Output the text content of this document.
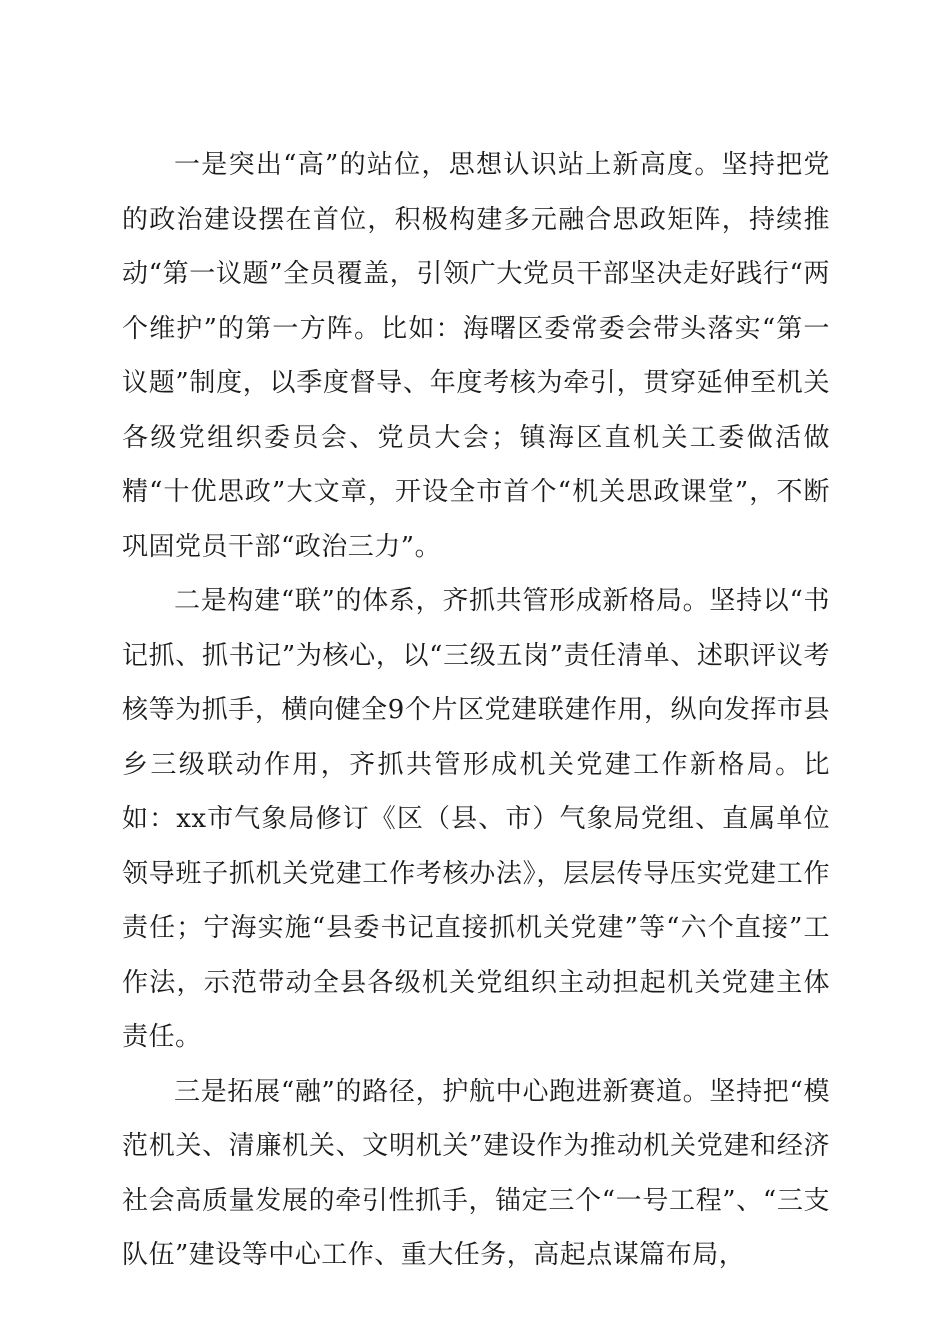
一是突出“高”的站位，思想认识站上新高度。坚持把党的政治建设摆在首位，积极构建多元融合思政矩阵，持续推动“第一议题”全员覆盖，引领广大党员干部坚决走好践行“两个维护”的第一方阵。比如：海曙区委常委会带头落实“第一议题”制度，以季度督导、年度考核为牵引，贯穿延伸至机关各级党组织委员会、党员大会；镇海区直机关工委做活做精“十优思政”大文章，开设全市首个“机关思政课堂”，不断巩固党员干部“政治三力”。

二是构建“联”的体系，齐抓共管形成新格局。坚持以“书记抓、抓书记”为核心，以“三级五岗”责任清单、述职评议考核等为抓手，横向健全9个片区党建联建作用，纵向发挥市县乡三级联动作用，齐抓共管形成机关党建工作新格局。比如：xx市气象局修订《区（县、市）气象局党组、直属单位领导班子抓机关党建工作考核办法》，层层传导压实党建工作责任；宁海实施“县委书记直接抓机关党建”等“六个直接”工作法，示范带动全县各级机关党组织主动担起机关党建主体责任。

三是拓展“融”的路径，护航中心跑进新赛道。坚持把“模范机关、清廉机关、文明机关”建设作为推动机关党建和经济社会高质量发展的牵引性抓手，锚定三个“一号工程”、“三支队伍”建设等中心工作、重大任务，高起点谋篇布局，
